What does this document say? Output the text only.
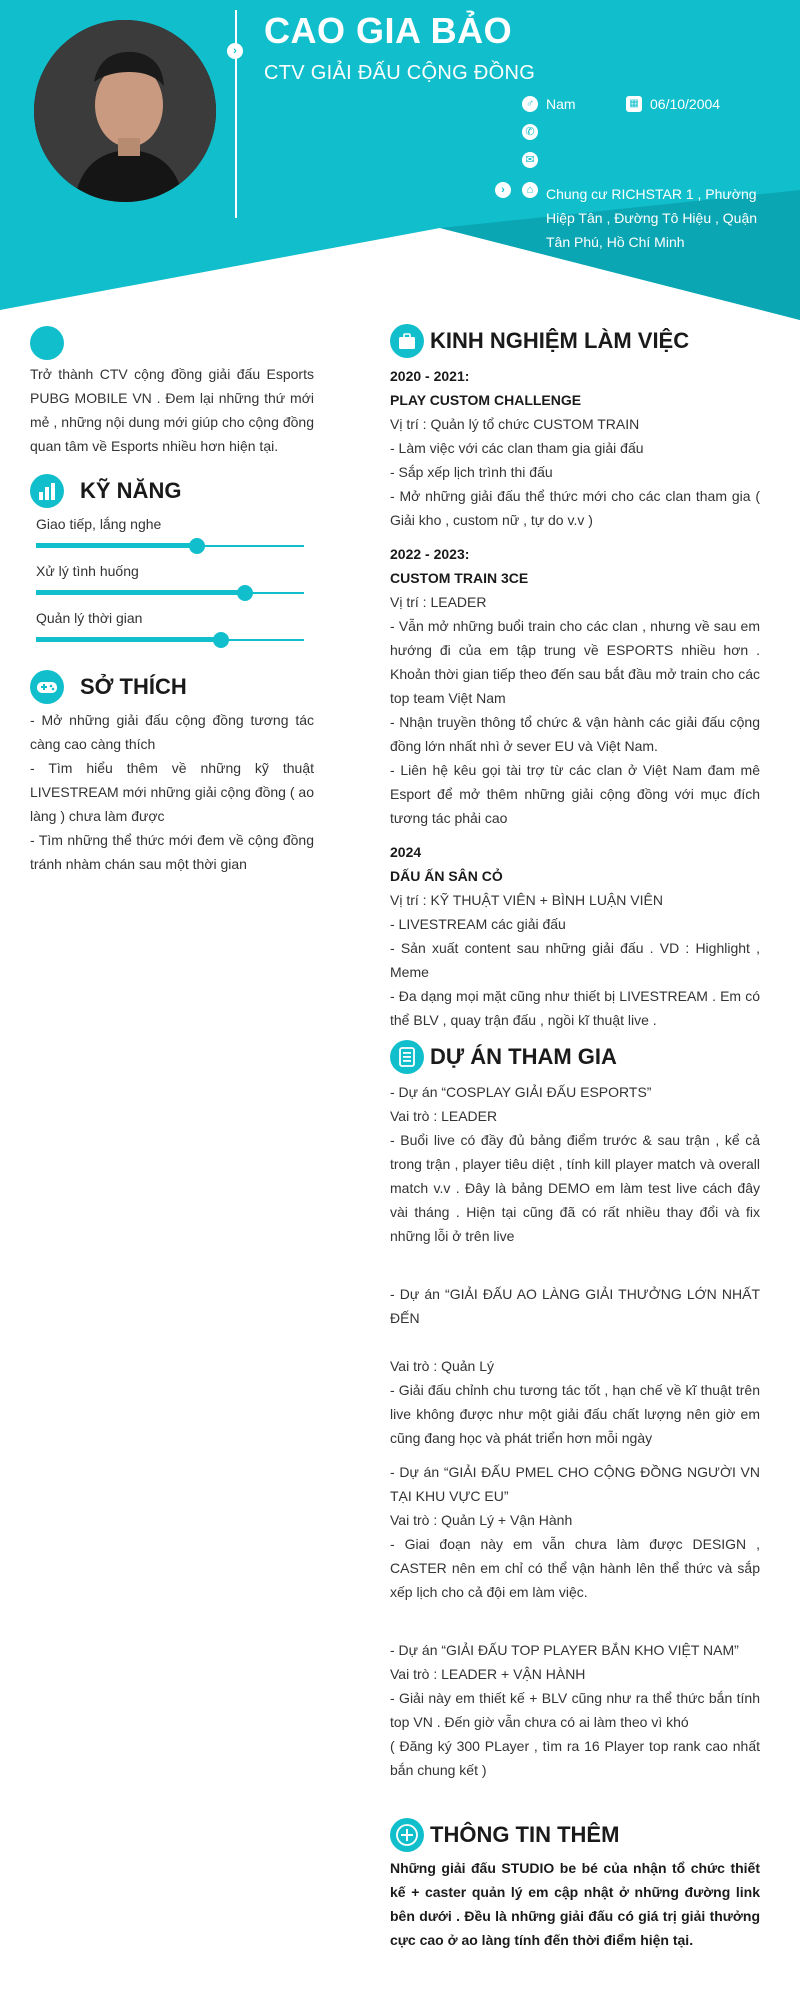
› CAO GIA BẢO
CTV GIẢI ĐẤU CỘNG ĐỒNG
♂ Nam	▦ 06/10/2004
✆
✉
›	⌂ Chung cư RICHSTAR 1 , Phường Hiệp Tân , Đường Tô Hiệu , Quận Tân Phú, Hồ Chí Minh
Trở thành CTV cộng đồng giải đấu Esports PUBG MOBILE VN . Đem lại những thứ mới mẻ , những nội dung mới giúp cho cộng đồng quan tâm về Esports nhiều hơn hiện tại.
KỸ NĂNG
Giao tiếp, lắng nghe
Xử lý tình huống
Quản lý thời gian
SỞ THÍCH

- Mở những giải đấu cộng đồng tương tác càng cao càng thích

- Tìm hiểu thêm về những kỹ thuật LIVESTREAM mới những giải cộng đồng ( ao làng ) chưa làm được

- Tìm những thể thức mới đem về cộng đồng tránh nhàm chán sau một thời gian

KINH NGHIỆM LÀM VIỆC

2020 - 2021:

PLAY CUSTOM CHALLENGE

Vị trí : Quản lý tổ chức CUSTOM TRAIN

- Làm việc với các clan tham gia giải đấu

- Sắp xếp lịch trình thi đấu

- Mở những giải đấu thể thức mới cho các clan tham gia ( Giải kho , custom nữ , tự do v.v )

2022 - 2023:

CUSTOM TRAIN 3CE

Vị trí : LEADER

- Vẫn mở những buổi train cho các clan , nhưng về sau em hướng đi của em tập trung về ESPORTS nhiều hơn . Khoản thời gian tiếp theo đến sau bắt đầu mở train cho các top team Việt Nam

- Nhận truyền thông tổ chức & vận hành các giải đấu cộng đồng lớn nhất nhì ở sever EU và Việt Nam.

- Liên hệ kêu gọi tài trợ từ các clan ở Việt Nam đam mê Esport để mở thêm những giải cộng đồng với mục đích tương tác phải cao

2024

DẤU ẤN SÂN CỎ

Vị trí : KỸ THUẬT VIÊN + BÌNH LUẬN VIÊN

- LIVESTREAM các giải đấu

- Sản xuất content sau những giải đấu . VD : Highlight , Meme

- Đa dạng mọi mặt cũng như thiết bị LIVESTREAM . Em có thể BLV , quay trận đấu , ngồi kĩ thuật live .

DỰ ÁN THAM GIA

- Dự án “COSPLAY GIẢI ĐẤU ESPORTS”

Vai trò : LEADER

- Buổi live có đầy đủ bảng điểm trước & sau trận , kể cả trong trận , player tiêu diệt , tính kill player match và overall match v.v . Đây là bảng DEMO em làm test live cách đây vài tháng . Hiện tại cũng đã có rất nhiều thay đổi và fix những lỗi ở trên live

- Dự án “GIẢI ĐẤU AO LÀNG GIẢI THƯỞNG LỚN NHẤT ĐẾN

Vai trò : Quản Lý

- Giải đấu chỉnh chu tương tác tốt , hạn chế về kĩ thuật trên live không được như một giải đấu chất lượng nên giờ em cũng đang học và phát triển hơn mỗi ngày

- Dự án “GIẢI ĐẤU PMEL CHO CỘNG ĐỒNG NGƯỜI VN TẠI KHU VỰC EU”

Vai trò : Quản Lý + Vận Hành

- Giai đoạn này em vẫn chưa làm được DESIGN , CASTER nên em chỉ có thể vận hành lên thể thức và sắp xếp lịch cho cả đội em làm việc.

- Dự án “GIẢI ĐẤU TOP PLAYER BẮN KHO VIỆT NAM”

Vai trò : LEADER + VẬN HÀNH

- Giải này em thiết kế + BLV cũng như ra thể thức bắn tính top VN . Đến giờ vẫn chưa có ai làm theo vì khó

( Đăng ký 300 PLayer , tìm ra 16 Player top rank cao nhất bắn chung kết )

THÔNG TIN THÊM
Những giải đấu STUDIO be bé của nhận tổ chức thiết kế + caster quản lý em cập nhật ở những đường link bên dưới . Đều là những giải đấu có giá trị giải thưởng cực cao ở ao làng tính đến thời điểm hiện tại.
